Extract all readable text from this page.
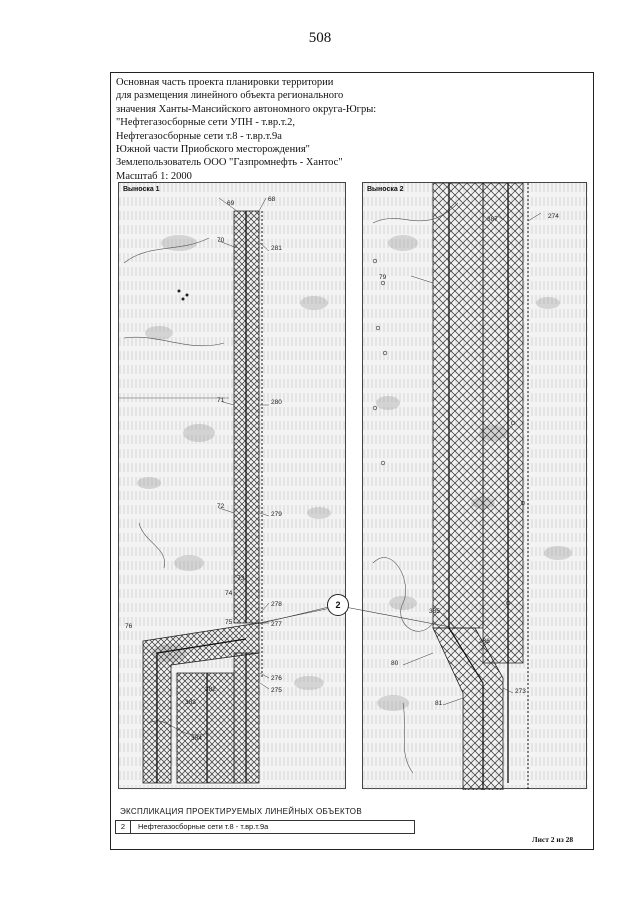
508
Основная часть проекта планировки территории
для размещения линейного объекта регионального
значения Ханты-Мансийского автономного округа-Югры:
"Нефтегазосборные сети УПН - т.вр.т.2,
Нефтегазосборные сети т.8 - т.вр.т.9а
Южной части Приобского месторождения"
Землепользователь ООО "Газпромнефть - Хантос"
Масштаб 1: 2000
Выноска 1
69
68
70
281
71	280
72
279
73
74
75
278
277
76
382
383
384
276
275
Выноска 2
387	274
79
385
386
80
81
273
2
ЭКСПЛИКАЦИЯ ПРОЕКТИРУЕМЫХ ЛИНЕЙНЫХ ОБЪЕКТОВ
2	Нефтегазосборные сети т.8 - т.вр.т.9а
Лист 2 из 28
